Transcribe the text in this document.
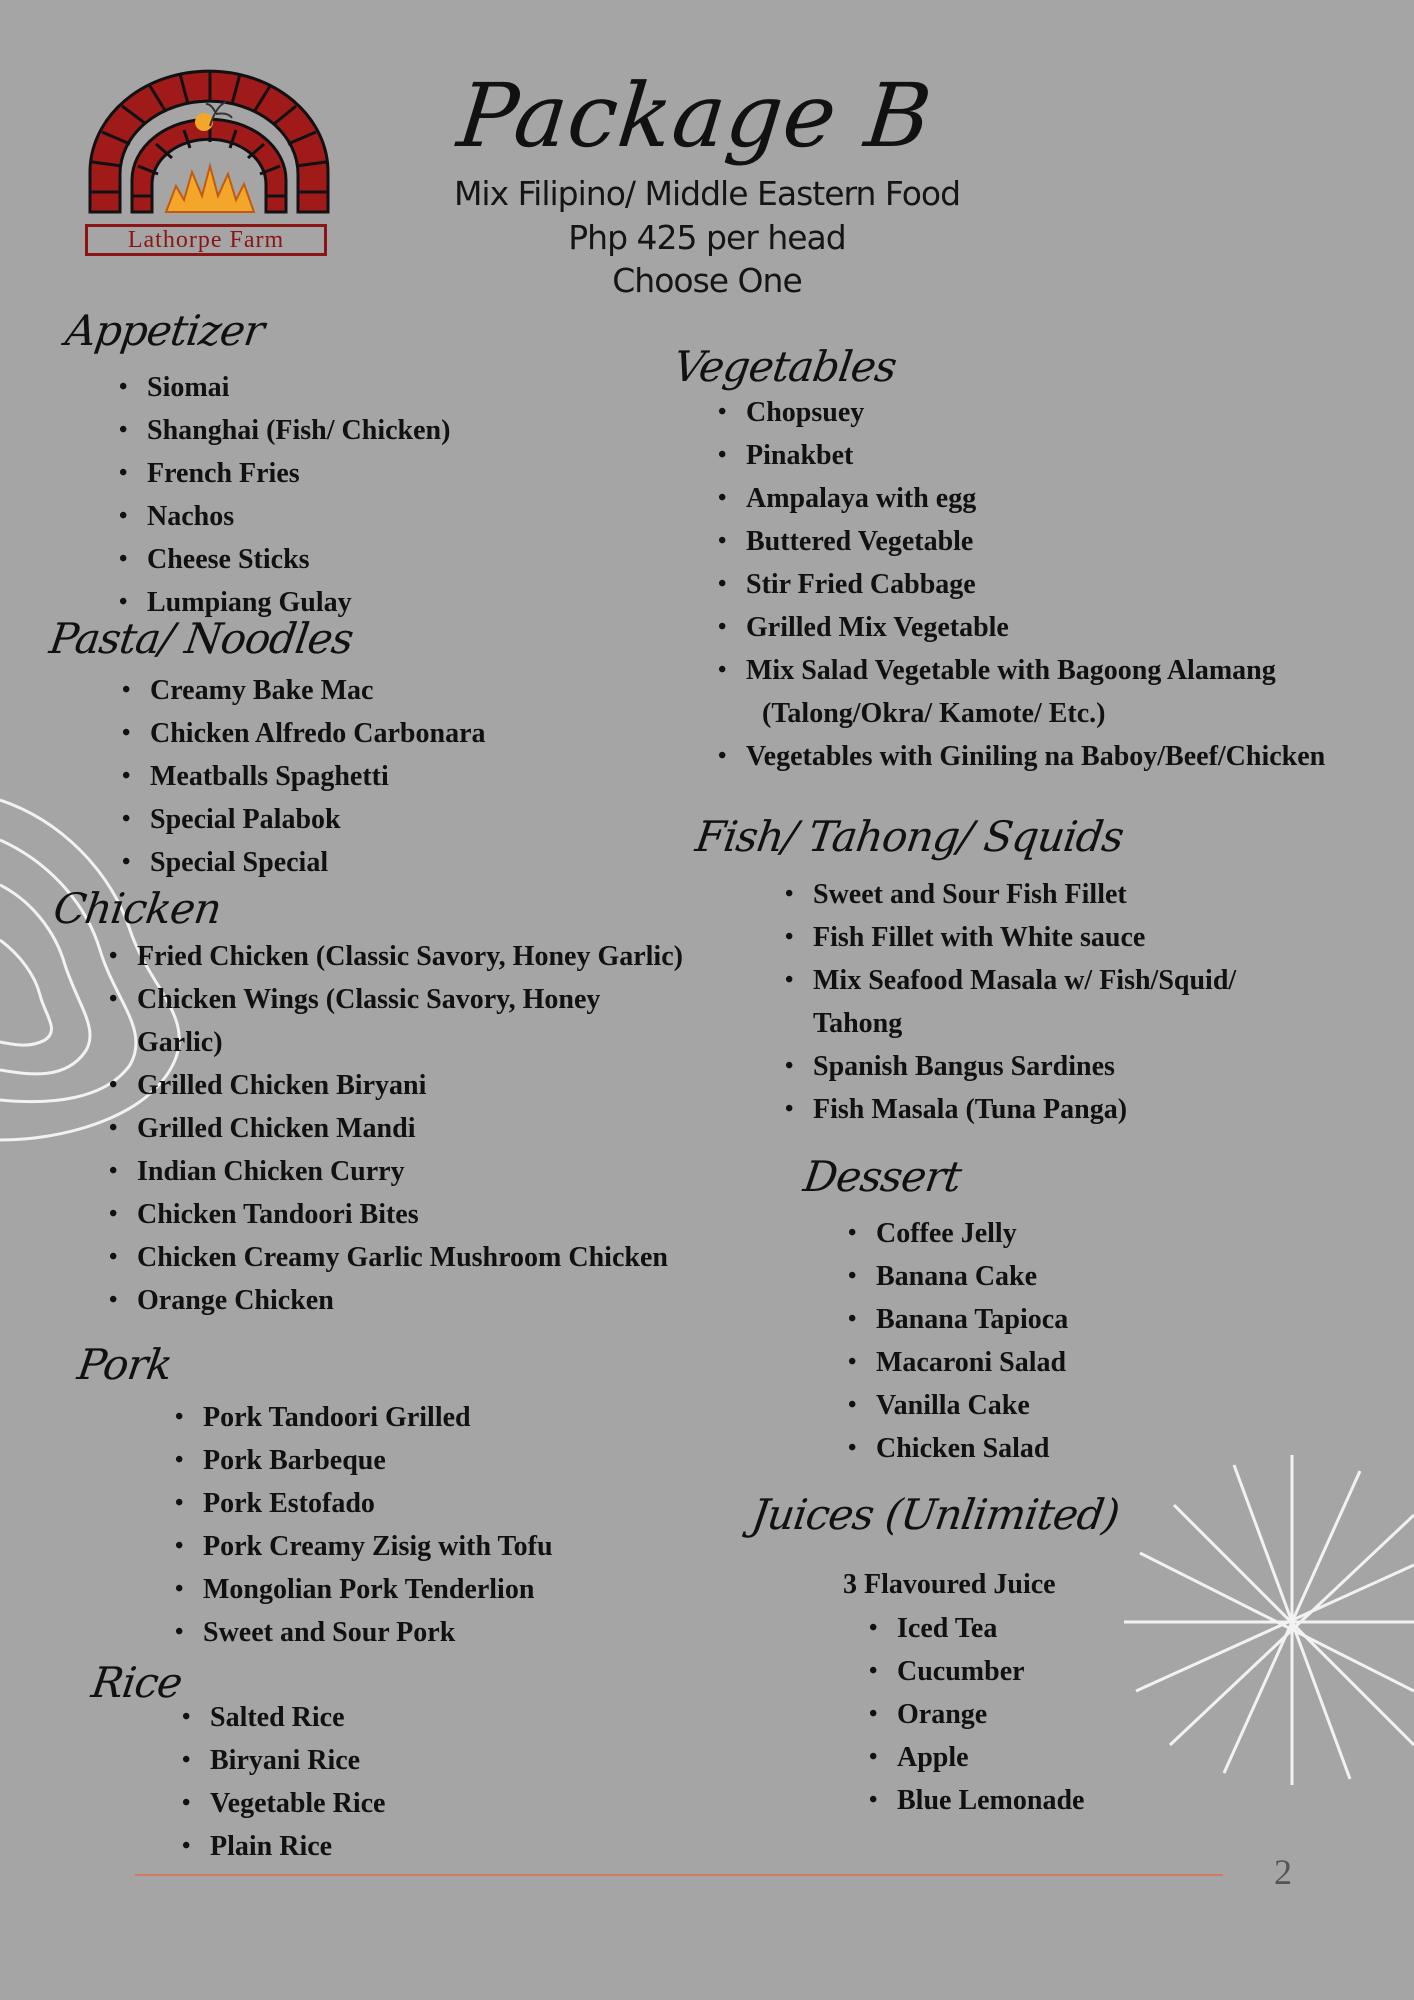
Lathorpe Farm
Package B
Mix Filipino/ Middle Eastern Food
Php 425 per head
Choose One
Appetizer
• Siomai
• Shanghai (Fish/ Chicken)
• French Fries
• Nachos
• Cheese Sticks
• Lumpiang Gulay
Pasta/ Noodles
• Creamy Bake Mac
• Chicken Alfredo Carbonara
• Meatballs Spaghetti
• Special Palabok
• Special Special
Chicken
• Fried Chicken (Classic Savory, Honey Garlic)
• Chicken Wings (Classic Savory, Honey
Garlic)
• Grilled Chicken Biryani
• Grilled Chicken Mandi
• Indian Chicken Curry
• Chicken Tandoori Bites
• Chicken Creamy Garlic Mushroom Chicken
• Orange Chicken
Pork
• Pork Tandoori Grilled
• Pork Barbeque
• Pork Estofado
• Pork Creamy Zisig with Tofu
• Mongolian Pork Tenderlion
• Sweet and Sour Pork
Rice
• Salted Rice
• Biryani Rice
• Vegetable Rice
• Plain Rice
Vegetables
• Chopsuey
• Pinakbet
• Ampalaya with egg
• Buttered Vegetable
• Stir Fried Cabbage
• Grilled Mix Vegetable
• Mix Salad Vegetable with Bagoong Alamang
(Talong/Okra/ Kamote/ Etc.)
• Vegetables with Giniling na Baboy/Beef/Chicken
Fish/ Tahong/ Squids
• Sweet and Sour Fish Fillet
• Fish Fillet with White sauce
• Mix Seafood Masala w/ Fish/Squid/
Tahong
• Spanish Bangus Sardines
• Fish Masala (Tuna Panga)
Dessert
• Coffee Jelly
• Banana Cake
• Banana Tapioca
• Macaroni Salad
• Vanilla Cake
• Chicken Salad
Juices (Unlimited)
3 Flavoured Juice
• Iced Tea
• Cucumber
• Orange
• Apple
• Blue Lemonade
2
